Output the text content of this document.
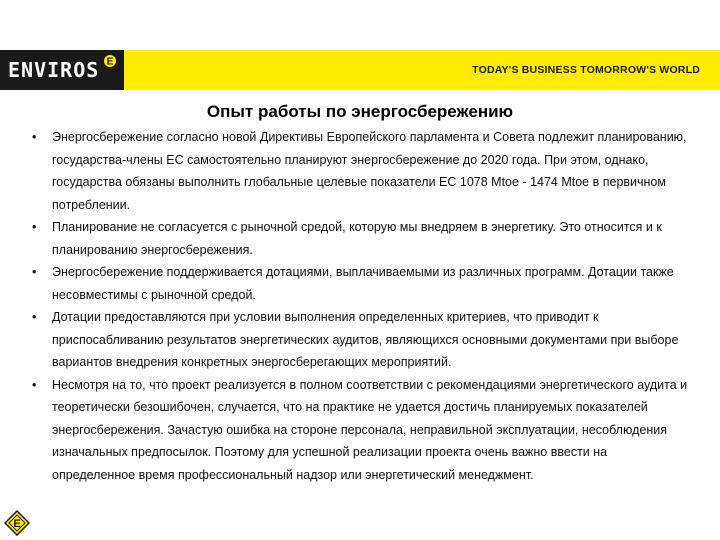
ENVIROS E
TODAY'S BUSINESS TOMORROW'S WORLD
Опыт работы по энергосбережению
• Энергосбережение согласно новой Директивы Европейского парламента и Совета подлежит планированию, государства-члены ЕС самостоятельно планируют энергосбережение до 2020 года. При этом, однако, государства обязаны выполнить глобальные целевые показатели ЕС 1078 Mtoe - 1474 Mtoe в первичном потреблении.
• Планирование не согласуется с рыночной средой, которую мы внедряем в энергетику. Это относится и к планированию энергосбережения.
• Энергосбережение поддерживается дотациями, выплачиваемыми из различных программ. Дотации также несовместимы с рыночной средой.
• Дотации предоставляются при условии выполнения определенных критериев, что приводит к приспосабливанию результатов энергетических аудитов, являющихся основными документами при выборе вариантов внедрения конкретных энергосберегающих мероприятий.
• Несмотря на то, что проект реализуется в полном соответствии с рекомендациями энергетического аудита и теоретически безошибочен, случается, что на практике не удается достичь планируемых показателей энергосбережения. Зачастую ошибка на стороне персонала, неправильной эксплуатации, несоблюдения изначальных предпосылок. Поэтому для успешной реализации проекта очень важно ввести на определенное время профессиональный надзор или энергетический менеджмент.
E
